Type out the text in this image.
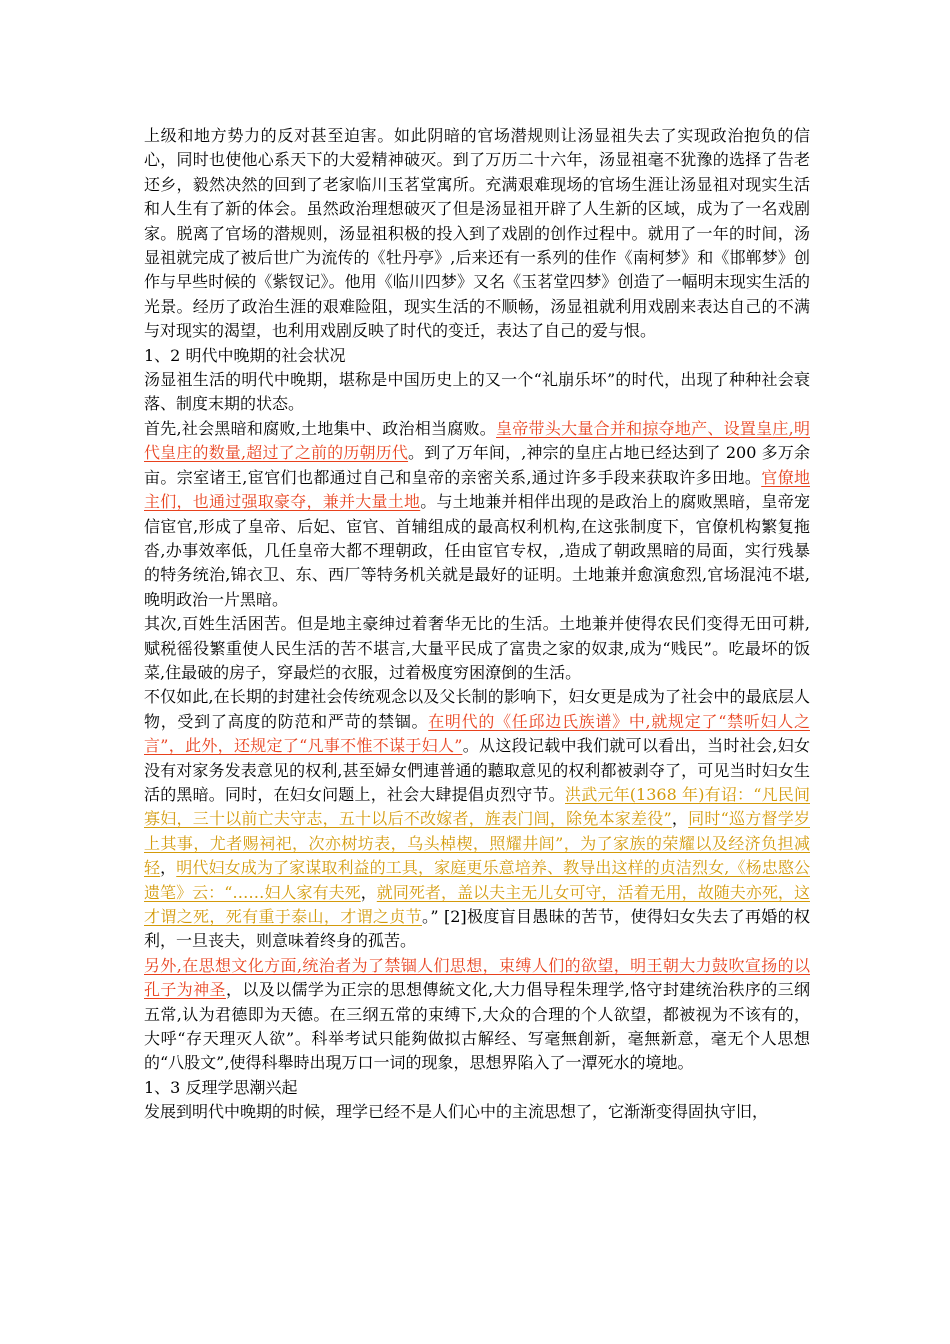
上级和地方势力的反对甚至迫害。如此阴暗的官场潜规则让汤显祖失去了实现政治抱负的信心，同时也使他心系天下的大爱精神破灭。到了万历二十六年，汤显祖毫不犹豫的选择了告老还乡，毅然决然的回到了老家临川玉茗堂寓所。充满艰难现场的官场生涯让汤显祖对现实生活和人生有了新的体会。虽然政治理想破灭了但是汤显祖开辟了人生新的区域，成为了一名戏剧家。脱离了官场的潜规则，汤显祖积极的投入到了戏剧的创作过程中。就用了一年的时间，汤显祖就完成了被后世广为流传的《牡丹亭》,后来还有一系列的佳作《南柯梦》和《邯郸梦》创作与早些时候的《紫钗记》。他用《临川四梦》又名《玉茗堂四梦》创造了一幅明末现实生活的光景。经历了政治生涯的艰难险阻，现实生活的不顺畅，汤显祖就利用戏剧来表达自己的不满与对现实的渴望，也利用戏剧反映了时代的变迁，表达了自己的爱与恨。

1、2 明代中晚期的社会状况

汤显祖生活的明代中晚期，堪称是中国历史上的又一个“礼崩乐坏”的时代，出现了种种社会衰落、制度末期的状态。

首先,社会黑暗和腐败,土地集中、政治相当腐败。皇帝带头大量合并和掠夺地产、设置皇庄,明代皇庄的数量,超过了之前的历朝历代。到了万年间，,神宗的皇庄占地已经达到了 200 多万余亩。宗室诸王,宦官们也都通过自己和皇帝的亲密关系,通过许多手段来获取许多田地。官僚地主们，也通过强取豪夺，兼并大量土地。与土地兼并相伴出现的是政治上的腐败黑暗，皇帝宠信宦官,形成了皇帝、后妃、宦官、首辅组成的最高权利机构,在这张制度下，官僚机构繁复拖沓,办事效率低，几任皇帝大都不理朝政，任由宦官专权，,造成了朝政黑暗的局面，实行残暴的特务统治,锦衣卫、东、西厂等特务机关就是最好的证明。土地兼并愈演愈烈,官场混沌不堪,晚明政治一片黑暗。

其次,百姓生活困苦。但是地主豪绅过着奢华无比的生活。土地兼并使得农民们变得无田可耕,赋税徭役繁重使人民生活的苦不堪言,大量平民成了富贵之家的奴隶,成为“贱民”。吃最坏的饭菜,住最破的房子，穿最烂的衣服，过着极度穷困潦倒的生活。

不仅如此,在长期的封建社会传统观念以及父长制的影响下，妇女更是成为了社会中的最底层人物，受到了高度的防范和严苛的禁锢。在明代的《任邱边氏族谱》中,就规定了“禁听妇人之言”，此外，还规定了“凡事不惟不谋于妇人”。从这段记载中我们就可以看出，当时社会,妇女没有对家务发表意见的权利,甚至婦女們連普通的聽取意见的权利都被剥夺了，可见当时妇女生活的黑暗。同时，在妇女问题上，社会大肆提倡贞烈守节。洪武元年(1368 年)有诏：“凡民间寡妇，三十以前亡夫守志，五十以后不改嫁者，旌表门闾，除免本家差役”，同时“巡方督学岁上其事，尤者赐祠祀，次亦树坊表，乌头棹楔，照耀井闾”，为了家族的荣耀以及经济负担减轻，明代妇女成为了家谋取利益的工具，家庭更乐意培养、教导出这样的贞洁烈女,《杨忠愍公遗笔》云：“……妇人家有夫死，就同死者，盖以夫主无儿女可守，活着无用，故随夫亦死，这才谓之死，死有重于泰山，才谓之贞节。” [2]极度盲目愚昧的苦节，使得妇女失去了再婚的权利，一旦丧夫，则意味着终身的孤苦。

另外,在思想文化方面,统治者为了禁锢人们思想，束缚人们的欲望，明王朝大力鼓吹宣扬的以孔子为神圣，以及以儒学为正宗的思想傳統文化,大力倡导程朱理学,恪守封建统治秩序的三纲五常,认为君德即为天德。在三纲五常的束缚下,大众的合理的个人欲望，都被视为不该有的，大呼“存天理灭人欲”。科举考试只能夠做拟古解经、写毫無創新，毫無新意，毫无个人思想的“八股文”,使得科舉時出現万口一词的现象，思想界陷入了一潭死水的境地。

1、3 反理学思潮兴起

发展到明代中晚期的时候，理学已经不是人们心中的主流思想了，它渐渐变得固执守旧，
